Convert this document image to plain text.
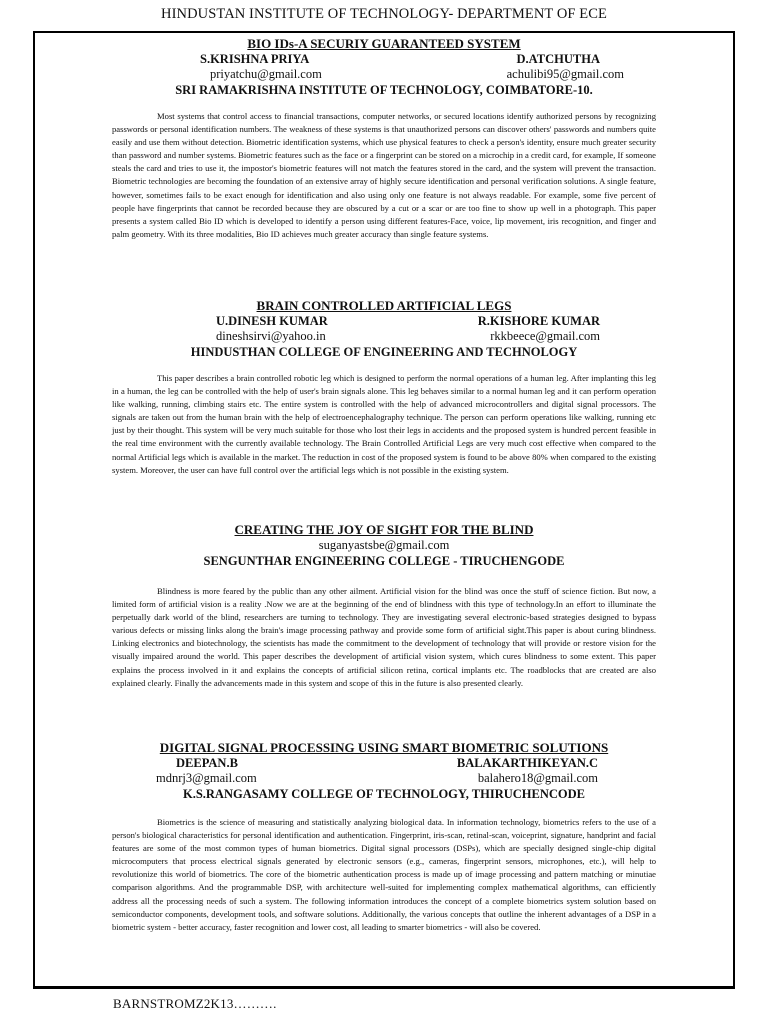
HINDUSTAN INSTITUTE OF TECHNOLOGY- DEPARTMENT OF ECE
BIO IDs-A SECURIY GUARANTEED SYSTEM
S.KRISHNA PRIYA	D.ATCHUTHA
priyatchu@gmail.com	achulibi95@gmail.com
SRI RAMAKRISHNA INSTITUTE OF TECHNOLOGY, COIMBATORE-10.

Most systems that control access to financial transactions, computer networks, or secured locations identify authorized persons by recognizing passwords or personal identification numbers. The weakness of these systems is that unauthorized persons can discover others' passwords and numbers quite easily and use them without detection. Biometric identification systems, which use physical features to check a person's identity, ensure much greater security than password and number systems. Biometric features such as the face or a fingerprint can be stored on a microchip in a credit card, for example, If someone steals the card and tries to use it, the impostor's biometric features will not match the features stored in the card, and the system will prevent the transaction. Biometric technologies are becoming the foundation of an extensive array of highly secure identification and personal verification solutions. A single feature, however, sometimes fails to be exact enough for identification and also using only one feature is not always readable. For example, some five percent of people have fingerprints that cannot be recorded because they are obscured by a cut or a scar or are too fine to show up well in a photograph. This paper presents a system called Bio ID which is developed to identify a person using different features-Face, voice, lip movement, iris recognition, and finger and palm geometry. With its three modalities, Bio ID achieves much greater accuracy than single feature systems.

BRAIN CONTROLLED ARTIFICIAL LEGS
U.DINESH KUMAR	R.KISHORE KUMAR
dineshsirvi@yahoo.in	rkkbeece@gmail.com
HINDUSTHAN COLLEGE OF ENGINEERING AND TECHNOLOGY

This paper describes a brain controlled robotic leg which is designed to perform the normal operations of a human leg. After implanting this leg in a human, the leg can be controlled with the help of user's brain signals alone. This leg behaves similar to a normal human leg and it can perform operation like walking, running, climbing stairs etc. The entire system is controlled with the help of advanced microcontrollers and digital signal processors. The signals are taken out from the human brain with the help of electroencephalography technique. The person can perform operations like walking, running etc just by their thought. This system will be very much suitable for those who lost their legs in accidents and the proposed system is hundred percent feasible in the real time environment with the currently available technology. The Brain Controlled Artificial Legs are very much cost effective when compared to the normal Artificial legs which is available in the market. The reduction in cost of the proposed system is found to be above 80% when compared to the existing system. Moreover, the user can have full control over the artificial legs which is not possible in the existing system.

CREATING THE JOY OF SIGHT FOR THE BLIND
suganyastsbe@gmail.com
SENGUNTHAR ENGINEERING COLLEGE - TIRUCHENGODE

Blindness is more feared by the public than any other ailment. Artificial vision for the blind was once the stuff of science fiction. But now, a limited form of artificial vision is a reality .Now we are at the beginning of the end of blindness with this type of technology.In an effort to illuminate the perpetually dark world of the blind, researchers are turning to technology. They are investigating several electronic-based strategies designed to bypass various defects or missing links along the brain's image processing pathway and provide some form of artificial sight.This paper is about curing blindness. Linking electronics and biotechnology, the scientists has made the commitment to the development of technology that will provide or restore vision for the visually impaired around the world. This paper describes the development of artificial vision system, which cures blindness to some extent. This paper explains the process involved in it and explains the concepts of artificial silicon retina, cortical implants etc. The roadblocks that are created are also explained clearly. Finally the advancements made in this system and scope of this in the future is also presented clearly.

DIGITAL SIGNAL PROCESSING USING SMART BIOMETRIC SOLUTIONS
DEEPAN.B	BALAKARTHIKEYAN.C
mdnrj3@gmail.com	balahero18@gmail.com
K.S.RANGASAMY COLLEGE OF TECHNOLOGY, THIRUCHENCODE

Biometrics is the science of measuring and statistically analyzing biological data. In information technology, biometrics refers to the use of a person's biological characteristics for personal identification and authentication. Fingerprint, iris-scan, retinal-scan, voiceprint, signature, handprint and facial features are some of the most common types of human biometrics. Digital signal processors (DSPs), which are specially designed single-chip digital microcomputers that process electrical signals generated by electronic sensors (e.g., cameras, fingerprint sensors, microphones, etc.), will help to revolutionize this world of biometrics. The core of the biometric authentication process is made up of image processing and pattern matching or minutiae comparison algorithms. And the programmable DSP, with architecture well-suited for implementing complex mathematical algorithms, can efficiently address all the processing needs of such a system. The following information introduces the concept of a complete biometrics system solution based on semiconductor components, development tools, and software solutions. Additionally, the various concepts that outline the inherent advantages of a DSP in a biometric system - better accuracy, faster recognition and lower cost, all leading to smarter biometrics - will also be covered.

BARNSTROMZ2K13……….
